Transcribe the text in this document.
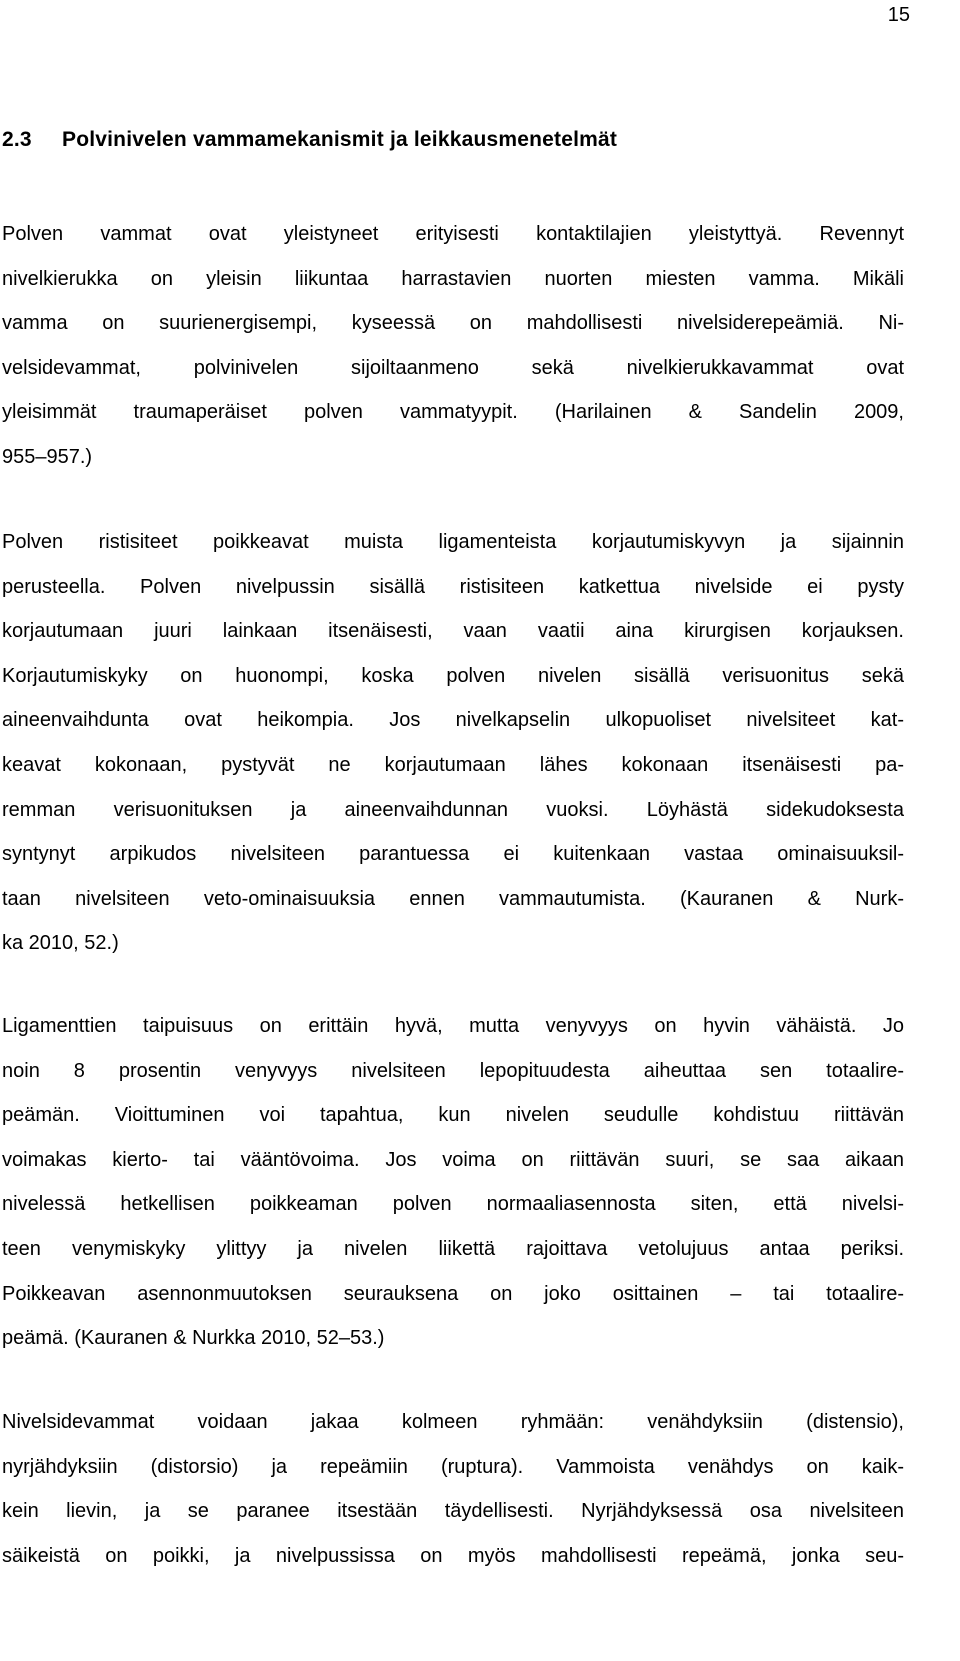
15
2.3 Polvinivelen vammamekanismit ja leikkausmenetelmät
Polven vammat ovat yleistyneet erityisesti kontaktilajien yleistyttyä. Revennyt
nivelkierukka on yleisin liikuntaa harrastavien nuorten miesten vamma. Mikäli
vamma on suurienergisempi, kyseessä on mahdollisesti nivelsiderepeämiä. Ni-
velsidevammat, polvinivelen sijoiltaanmeno sekä nivelkierukkavammat ovat
yleisimmät traumaperäiset polven vammatyypit. (Harilainen & Sandelin 2009,
955–957.)
Polven ristisiteet poikkeavat muista ligamenteista korjautumiskyvyn ja sijainnin
perusteella. Polven nivelpussin sisällä ristisiteen katkettua nivelside ei pysty
korjautumaan juuri lainkaan itsenäisesti, vaan vaatii aina kirurgisen korjauksen.
Korjautumiskyky on huonompi, koska polven nivelen sisällä verisuonitus sekä
aineenvaihdunta ovat heikompia. Jos nivelkapselin ulkopuoliset nivelsiteet kat-
keavat kokonaan, pystyvät ne korjautumaan lähes kokonaan itsenäisesti pa-
remman verisuonituksen ja aineenvaihdunnan vuoksi. Löyhästä sidekudoksesta
syntynyt arpikudos nivelsiteen parantuessa ei kuitenkaan vastaa ominaisuuksil-
taan nivelsiteen veto-ominaisuuksia ennen vammautumista. (Kauranen & Nurk-
ka 2010, 52.)
Ligamenttien taipuisuus on erittäin hyvä, mutta venyvyys on hyvin vähäistä. Jo
noin 8 prosentin venyvyys nivelsiteen lepopituudesta aiheuttaa sen totaalire-
peämän. Vioittuminen voi tapahtua, kun nivelen seudulle kohdistuu riittävän
voimakas kierto- tai vääntövoima. Jos voima on riittävän suuri, se saa aikaan
nivelessä hetkellisen poikkeaman polven normaaliasennosta siten, että nivelsi-
teen venymiskyky ylittyy ja nivelen liikettä rajoittava vetolujuus antaa periksi.
Poikkeavan asennonmuutoksen seurauksena on joko osittainen – tai totaalire-
peämä. (Kauranen & Nurkka 2010, 52–53.)
Nivelsidevammat voidaan jakaa kolmeen ryhmään: venähdyksiin (distensio),
nyrjähdyksiin (distorsio) ja repeämiin (ruptura). Vammoista venähdys on kaik-
kein lievin, ja se paranee itsestään täydellisesti. Nyrjähdyksessä osa nivelsiteen
säikeistä on poikki, ja nivelpussissa on myös mahdollisesti repeämä, jonka seu-
